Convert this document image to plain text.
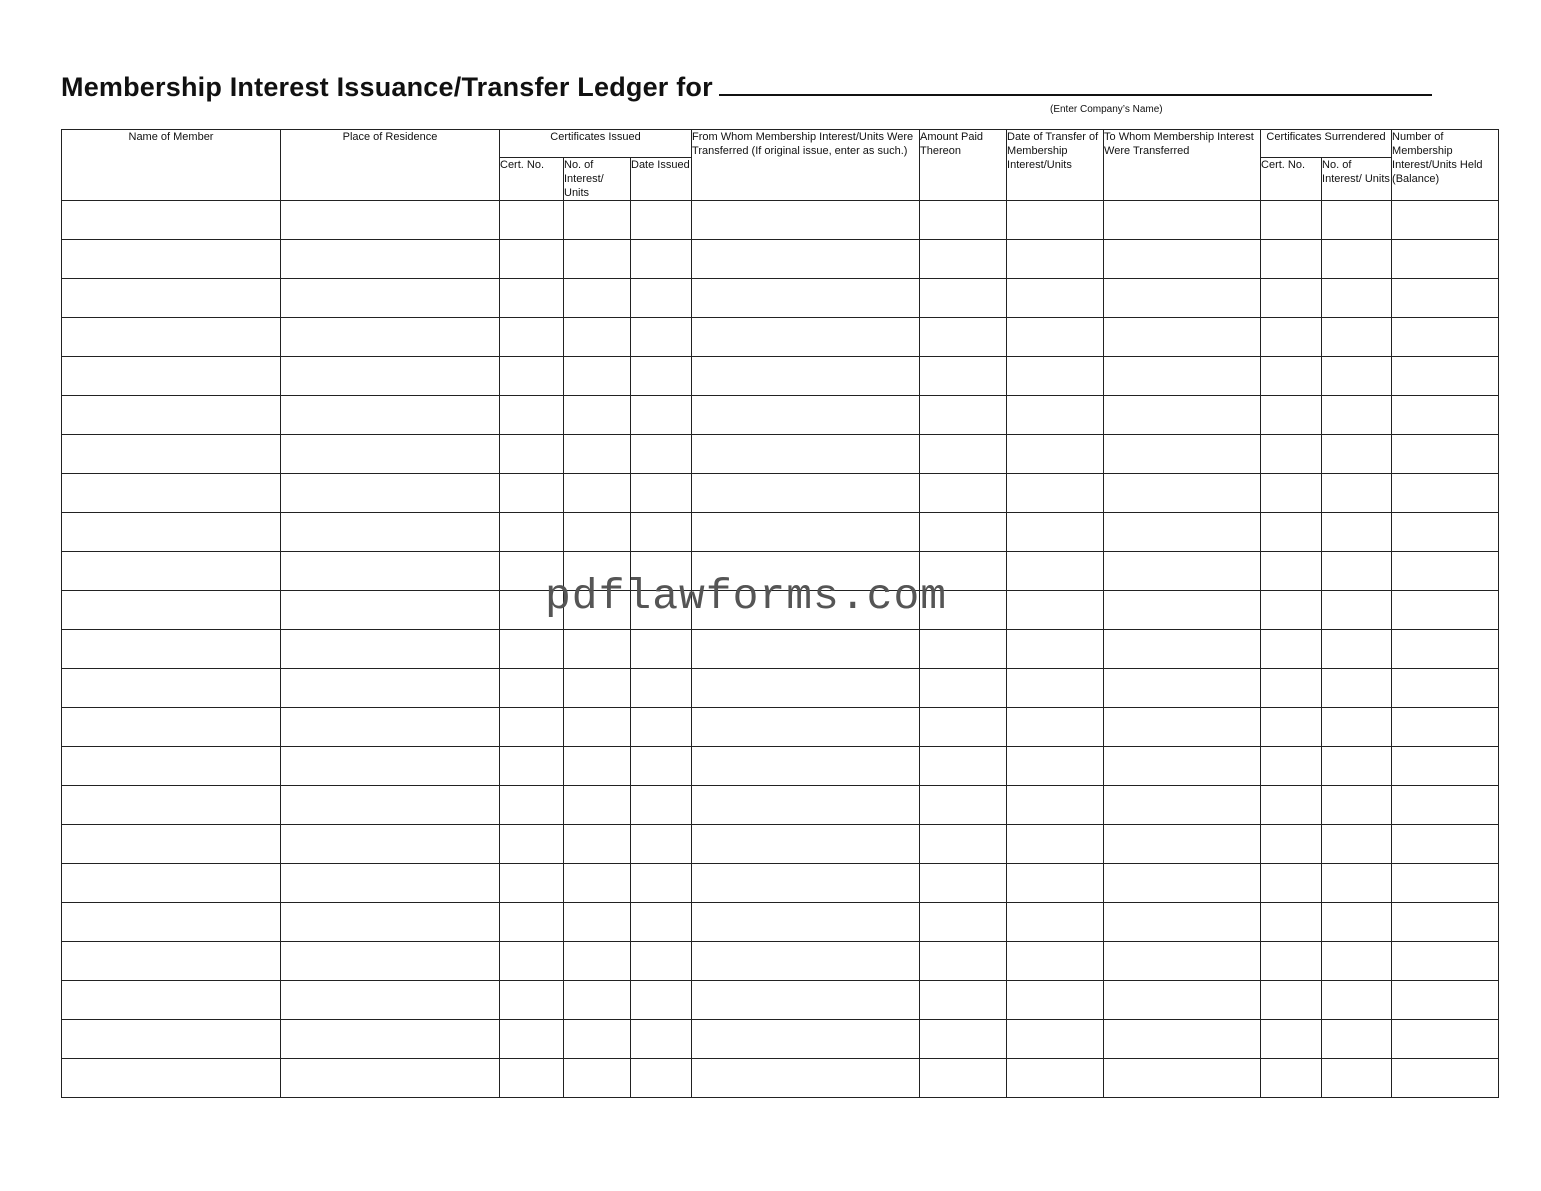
Membership Interest Issuance/Transfer Ledger for
(Enter Company’s Name)
Name of Member	Place of Residence	Certificates Issued			From Whom Membership Interest/Units Were Transferred (If original issue, enter as such.)	Amount Paid Thereon	Date of Transfer of Membership Interest/Units	To Whom Membership Interest Were Transferred	Certificates Surrendered		Number of Membership Interest/Units Held (Balance)
		Cert. No.	No. of Interest/ Units	Date Issued					Cert. No.	No. of Interest/ Units	

pdflawforms.com
